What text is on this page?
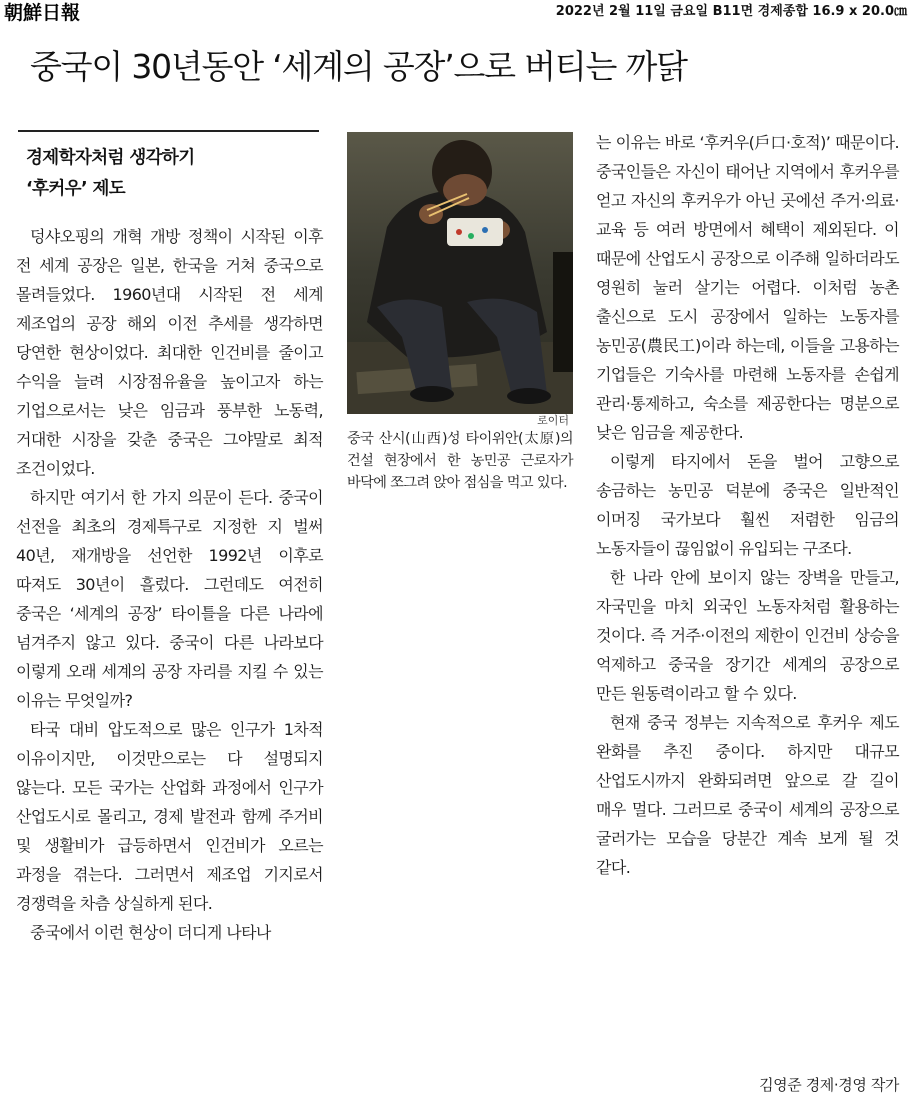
朝鮮日報	2022년 2월 11일 금요일 B11면 경제종합 16.9 x 20.0㎝
중국이 30년동안 ‘세계의 공장’으로 버티는 까닭
경제학자처럼 생각하기
‘후커우’ 제도

덩샤오핑의 개혁 개방 정책이 시작된 이후 전 세계 공장은 일본, 한국을 거쳐 중국으로 몰려들었다. 1960년대 시작된 전 세계 제조업의 공장 해외 이전 추세를 생각하면 당연한 현상이었다. 최대한 인건비를 줄이고 수익을 늘려 시장점유율을 높이고자 하는 기업으로서는 낮은 임금과 풍부한 노동력, 거대한 시장을 갖춘 중국은 그야말로 최적 조건이었다.

하지만 여기서 한 가지 의문이 든다. 중국이 선전을 최초의 경제특구로 지정한 지 벌써 40년, 재개방을 선언한 1992년 이후로 따져도 30년이 흘렀다. 그런데도 여전히 중국은 ‘세계의 공장’ 타이틀을 다른 나라에 넘겨주지 않고 있다. 중국이 다른 나라보다 이렇게 오래 세계의 공장 자리를 지킬 수 있는 이유는 무엇일까?

타국 대비 압도적으로 많은 인구가 1차적 이유이지만, 이것만으로는 다 설명되지 않는다. 모든 국가는 산업화 과정에서 인구가 산업도시로 몰리고, 경제 발전과 함께 주거비 및 생활비가 급등하면서 인건비가 오르는 과정을 겪는다. 그러면서 제조업 기지로서 경쟁력을 차츰 상실하게 된다.

중국에서 이런 현상이 더디게 나타나

로이터
중국 산시(山西)성 타이위안(太原)의 건설 현장에서 한 농민공 근로자가 바닥에 쪼그려 앉아 점심을 먹고 있다.

는 이유는 바로 ‘후커우(戶口·호적)’ 때문이다. 중국인들은 자신이 태어난 지역에서 후커우를 얻고 자신의 후커우가 아닌 곳에선 주거·의료·교육 등 여러 방면에서 혜택이 제외된다. 이 때문에 산업도시 공장으로 이주해 일하더라도 영원히 눌러 살기는 어렵다. 이처럼 농촌 출신으로 도시 공장에서 일하는 노동자를 농민공(農民工)이라 하는데, 이들을 고용하는 기업들은 기숙사를 마련해 노동자를 손쉽게 관리·통제하고, 숙소를 제공한다는 명분으로 낮은 임금을 제공한다.

이렇게 타지에서 돈을 벌어 고향으로 송금하는 농민공 덕분에 중국은 일반적인 이머징 국가보다 훨씬 저렴한 임금의 노동자들이 끊임없이 유입되는 구조다.

한 나라 안에 보이지 않는 장벽을 만들고, 자국민을 마치 외국인 노동자처럼 활용하는 것이다. 즉 거주·이전의 제한이 인건비 상승을 억제하고 중국을 장기간 세계의 공장으로 만든 원동력이라고 할 수 있다.

현재 중국 정부는 지속적으로 후커우 제도 완화를 추진 중이다. 하지만 대규모 산업도시까지 완화되려면 앞으로 갈 길이 매우 멀다. 그러므로 중국이 세계의 공장으로 굴러가는 모습을 당분간 계속 보게 될 것 같다.

김영준 경제·경영 작가
